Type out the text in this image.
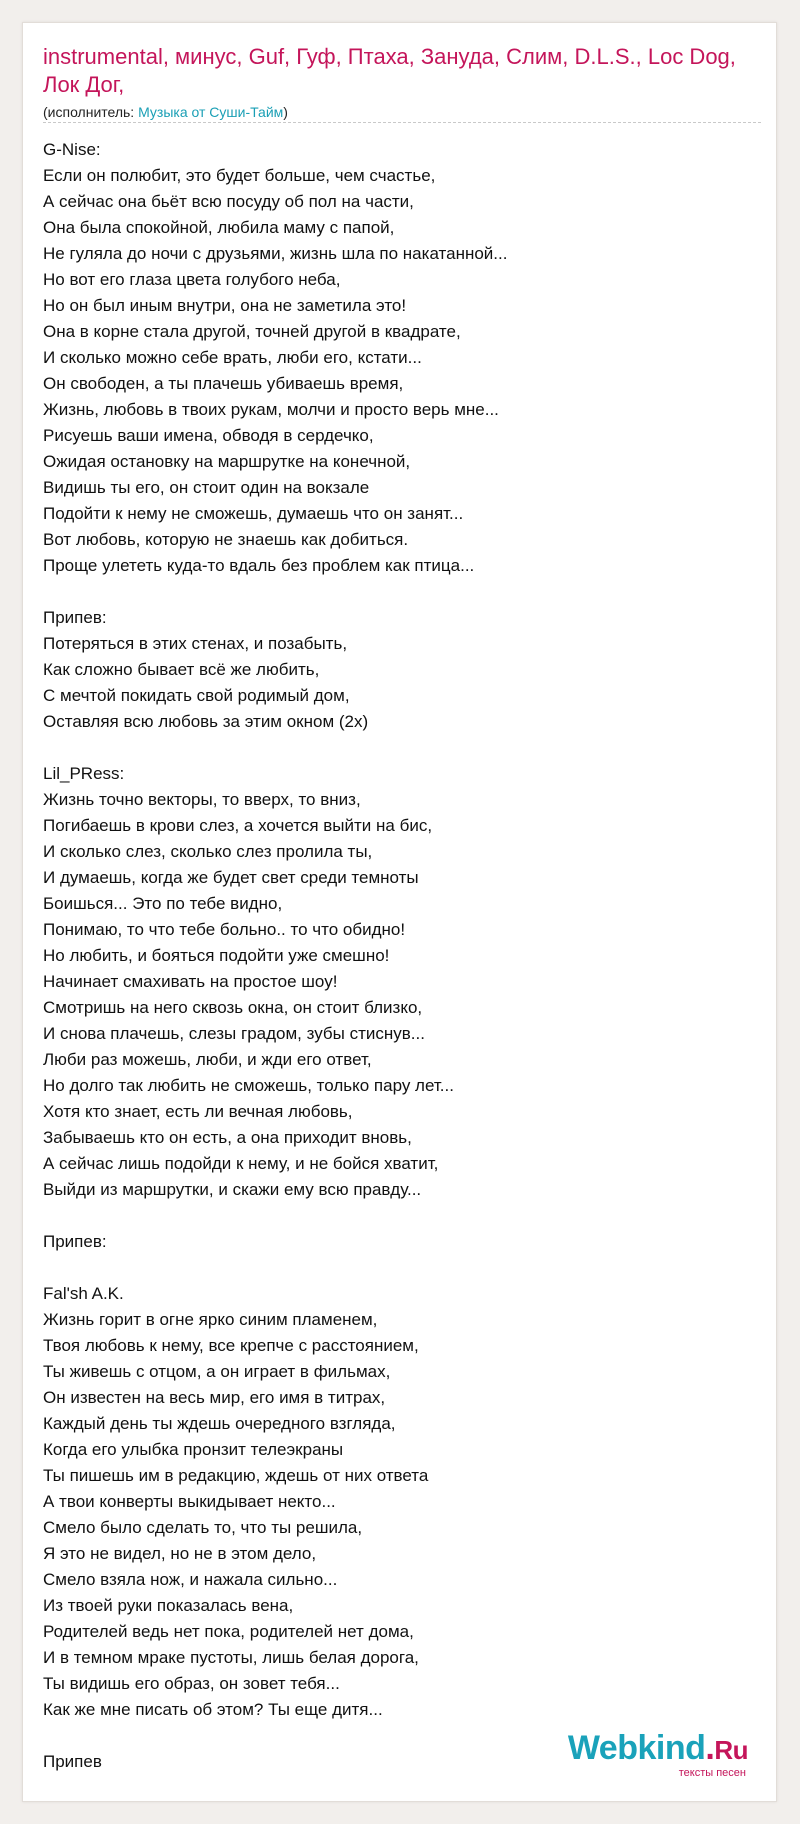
instrumental, минус, Guf, Гуф, Птаха, Зануда, Слим, D.L.S., Loc Dog, Лок Дог,
(исполнитель: Музыка от Суши-Тайм)
G-Nise:
Если он полюбит, это будет больше, чем счастье,
А сейчас она бьёт всю посуду об пол на части,
Она была спокойной, любила маму с папой,
Не гуляла до ночи с друзьями, жизнь шла по накатанной...
Но вот его глаза цвета голубого неба,
Но он был иным внутри, она не заметила это!
Она в корне стала другой, точней другой в квадрате,
И сколько можно себе врать, люби его, кстати...
Он свободен, а ты плачешь убиваешь время,
Жизнь, любовь в твоих рукам, молчи и просто верь мне...
Рисуешь ваши имена, обводя в сердечко,
Ожидая остановку на маршрутке на конечной,
Видишь ты его, он стоит один на вокзале
Подойти к нему не сможешь, думаешь что он занят...
Вот любовь, которую не знаешь как добиться.
Проще улететь куда-то вдаль без проблем как птица...
Припев:
Потеряться в этих стенах, и позабыть,
Как сложно бывает всё же любить,
С мечтой покидать свой родимый дом,
Оставляя всю любовь за этим окном (2x)
Lil_PRess:
Жизнь точно векторы, то вверх, то вниз,
Погибаешь в крови слез, а хочется выйти на бис,
И сколько слез, сколько слез пролила ты,
И думаешь, когда же будет свет среди темноты
Боишься... Это по тебе видно,
Понимаю, то что тебе больно.. то что обидно!
Но любить, и бояться подойти уже смешно!
Начинает смахивать на простое шоу!
Смотришь на него сквозь окна, он стоит близко,
И снова плачешь, слезы градом, зубы стиснув...
Люби раз можешь, люби, и жди его ответ,
Но долго так любить не сможешь, только пару лет...
Хотя кто знает, есть ли вечная любовь,
Забываешь кто он есть, а она приходит вновь,
А сейчас лишь подойди к нему, и не бойся хватит,
Выйди из маршрутки, и скажи ему всю правду...
Припев:
Fal'sh A.K.
Жизнь горит в огне ярко синим пламенем,
Твоя любовь к нему, все крепче с расстоянием,
Ты живешь с отцом, а он играет в фильмах,
Он известен на весь мир, его имя в титрах,
Каждый день ты ждешь очередного взгляда,
Когда его улыбка пронзит телеэкраны
Ты пишешь им в редакцию, ждешь от них ответа
А твои конверты выкидывает некто...
Смело было сделать то, что ты решила,
Я это не видел, но не в этом дело,
Смело взяла нож, и нажала сильно...
Из твоей руки показалась вена,
Родителей ведь нет пока, родителей нет дома,
И в темном мраке пустоты, лишь белая дорога,
Ты видишь его образ, он зовет тебя...
Как же мне писать об этом? Ты еще дитя...
Припев	Webkind.Ru
тексты песен
